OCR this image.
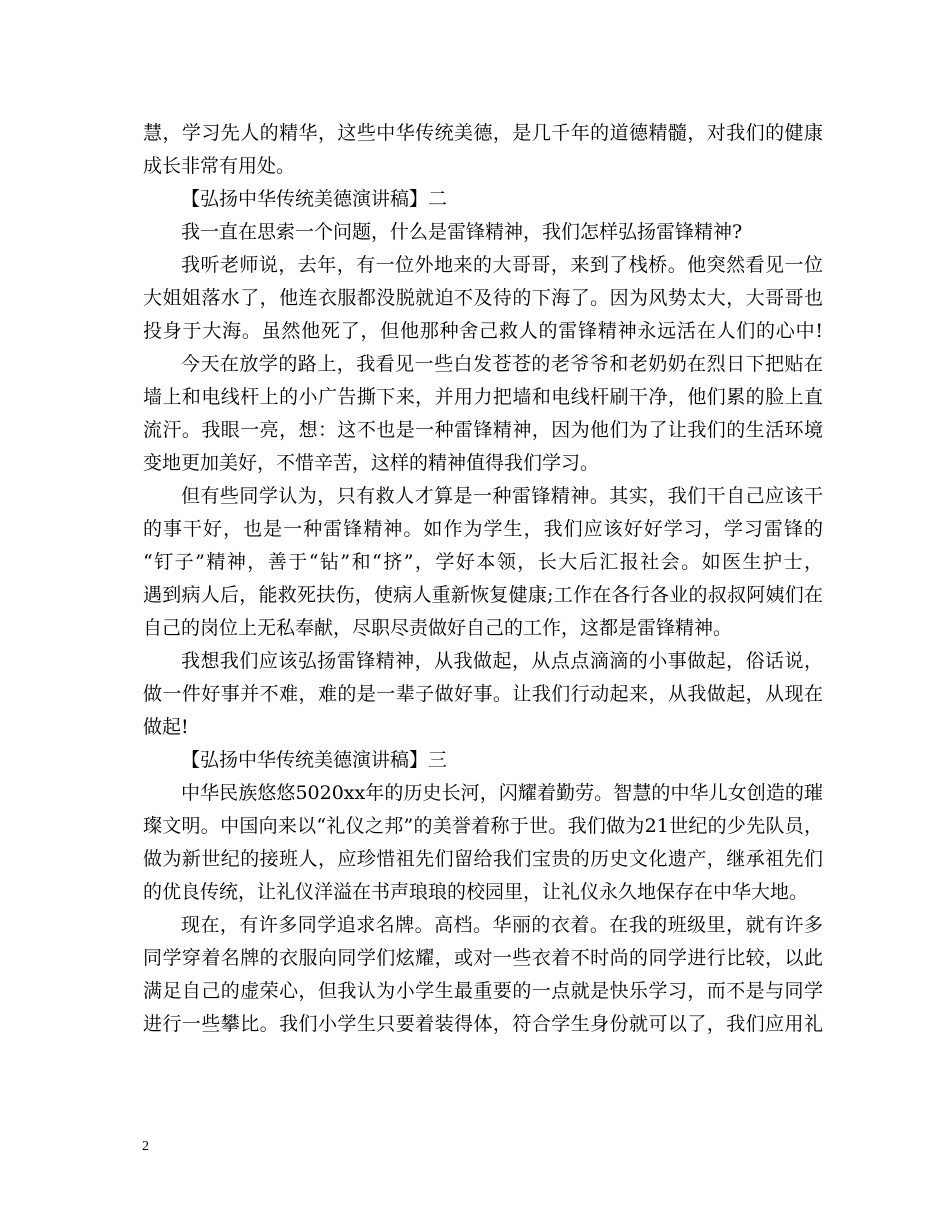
慧，学习先人的精华，这些中华传统美德，是几千年的道德精髓，对我们的健康
成长非常有用处。
【弘扬中华传统美德演讲稿】二
我一直在思索一个问题，什么是雷锋精神，我们怎样弘扬雷锋精神?
我听老师说，去年，有一位外地来的大哥哥，来到了栈桥。他突然看见一位
大姐姐落水了，他连衣服都没脱就迫不及待的下海了。因为风势太大，大哥哥也
投身于大海。虽然他死了，但他那种舍己救人的雷锋精神永远活在人们的心中!
今天在放学的路上，我看见一些白发苍苍的老爷爷和老奶奶在烈日下把贴在
墙上和电线杆上的小广告撕下来，并用力把墙和电线杆刷干净，他们累的脸上直
流汗。我眼一亮，想：这不也是一种雷锋精神，因为他们为了让我们的生活环境
变地更加美好，不惜辛苦，这样的精神值得我们学习。
但有些同学认为，只有救人才算是一种雷锋精神。其实，我们干自己应该干
的事干好，也是一种雷锋精神。如作为学生，我们应该好好学习，学习雷锋的
“钉子”精神，善于“钻”和“挤”，学好本领，长大后汇报社会。如医生护士，
遇到病人后，能救死扶伤，使病人重新恢复健康;工作在各行各业的叔叔阿姨们在
自己的岗位上无私奉献，尽职尽责做好自己的工作，这都是雷锋精神。
我想我们应该弘扬雷锋精神，从我做起，从点点滴滴的小事做起，俗话说，
做一件好事并不难，难的是一辈子做好事。让我们行动起来，从我做起，从现在
做起!
【弘扬中华传统美德演讲稿】三
中华民族悠悠5020xx年的历史长河，闪耀着勤劳。智慧的中华儿女创造的璀
璨文明。中国向来以“礼仪之邦”的美誉着称于世。我们做为21世纪的少先队员，
做为新世纪的接班人，应珍惜祖先们留给我们宝贵的历史文化遗产，继承祖先们
的优良传统，让礼仪洋溢在书声琅琅的校园里，让礼仪永久地保存在中华大地。
现在，有许多同学追求名牌。高档。华丽的衣着。在我的班级里，就有许多
同学穿着名牌的衣服向同学们炫耀，或对一些衣着不时尚的同学进行比较，以此
满足自己的虚荣心，但我认为小学生最重要的一点就是快乐学习，而不是与同学
进行一些攀比。我们小学生只要着装得体，符合学生身份就可以了，我们应用礼
2
